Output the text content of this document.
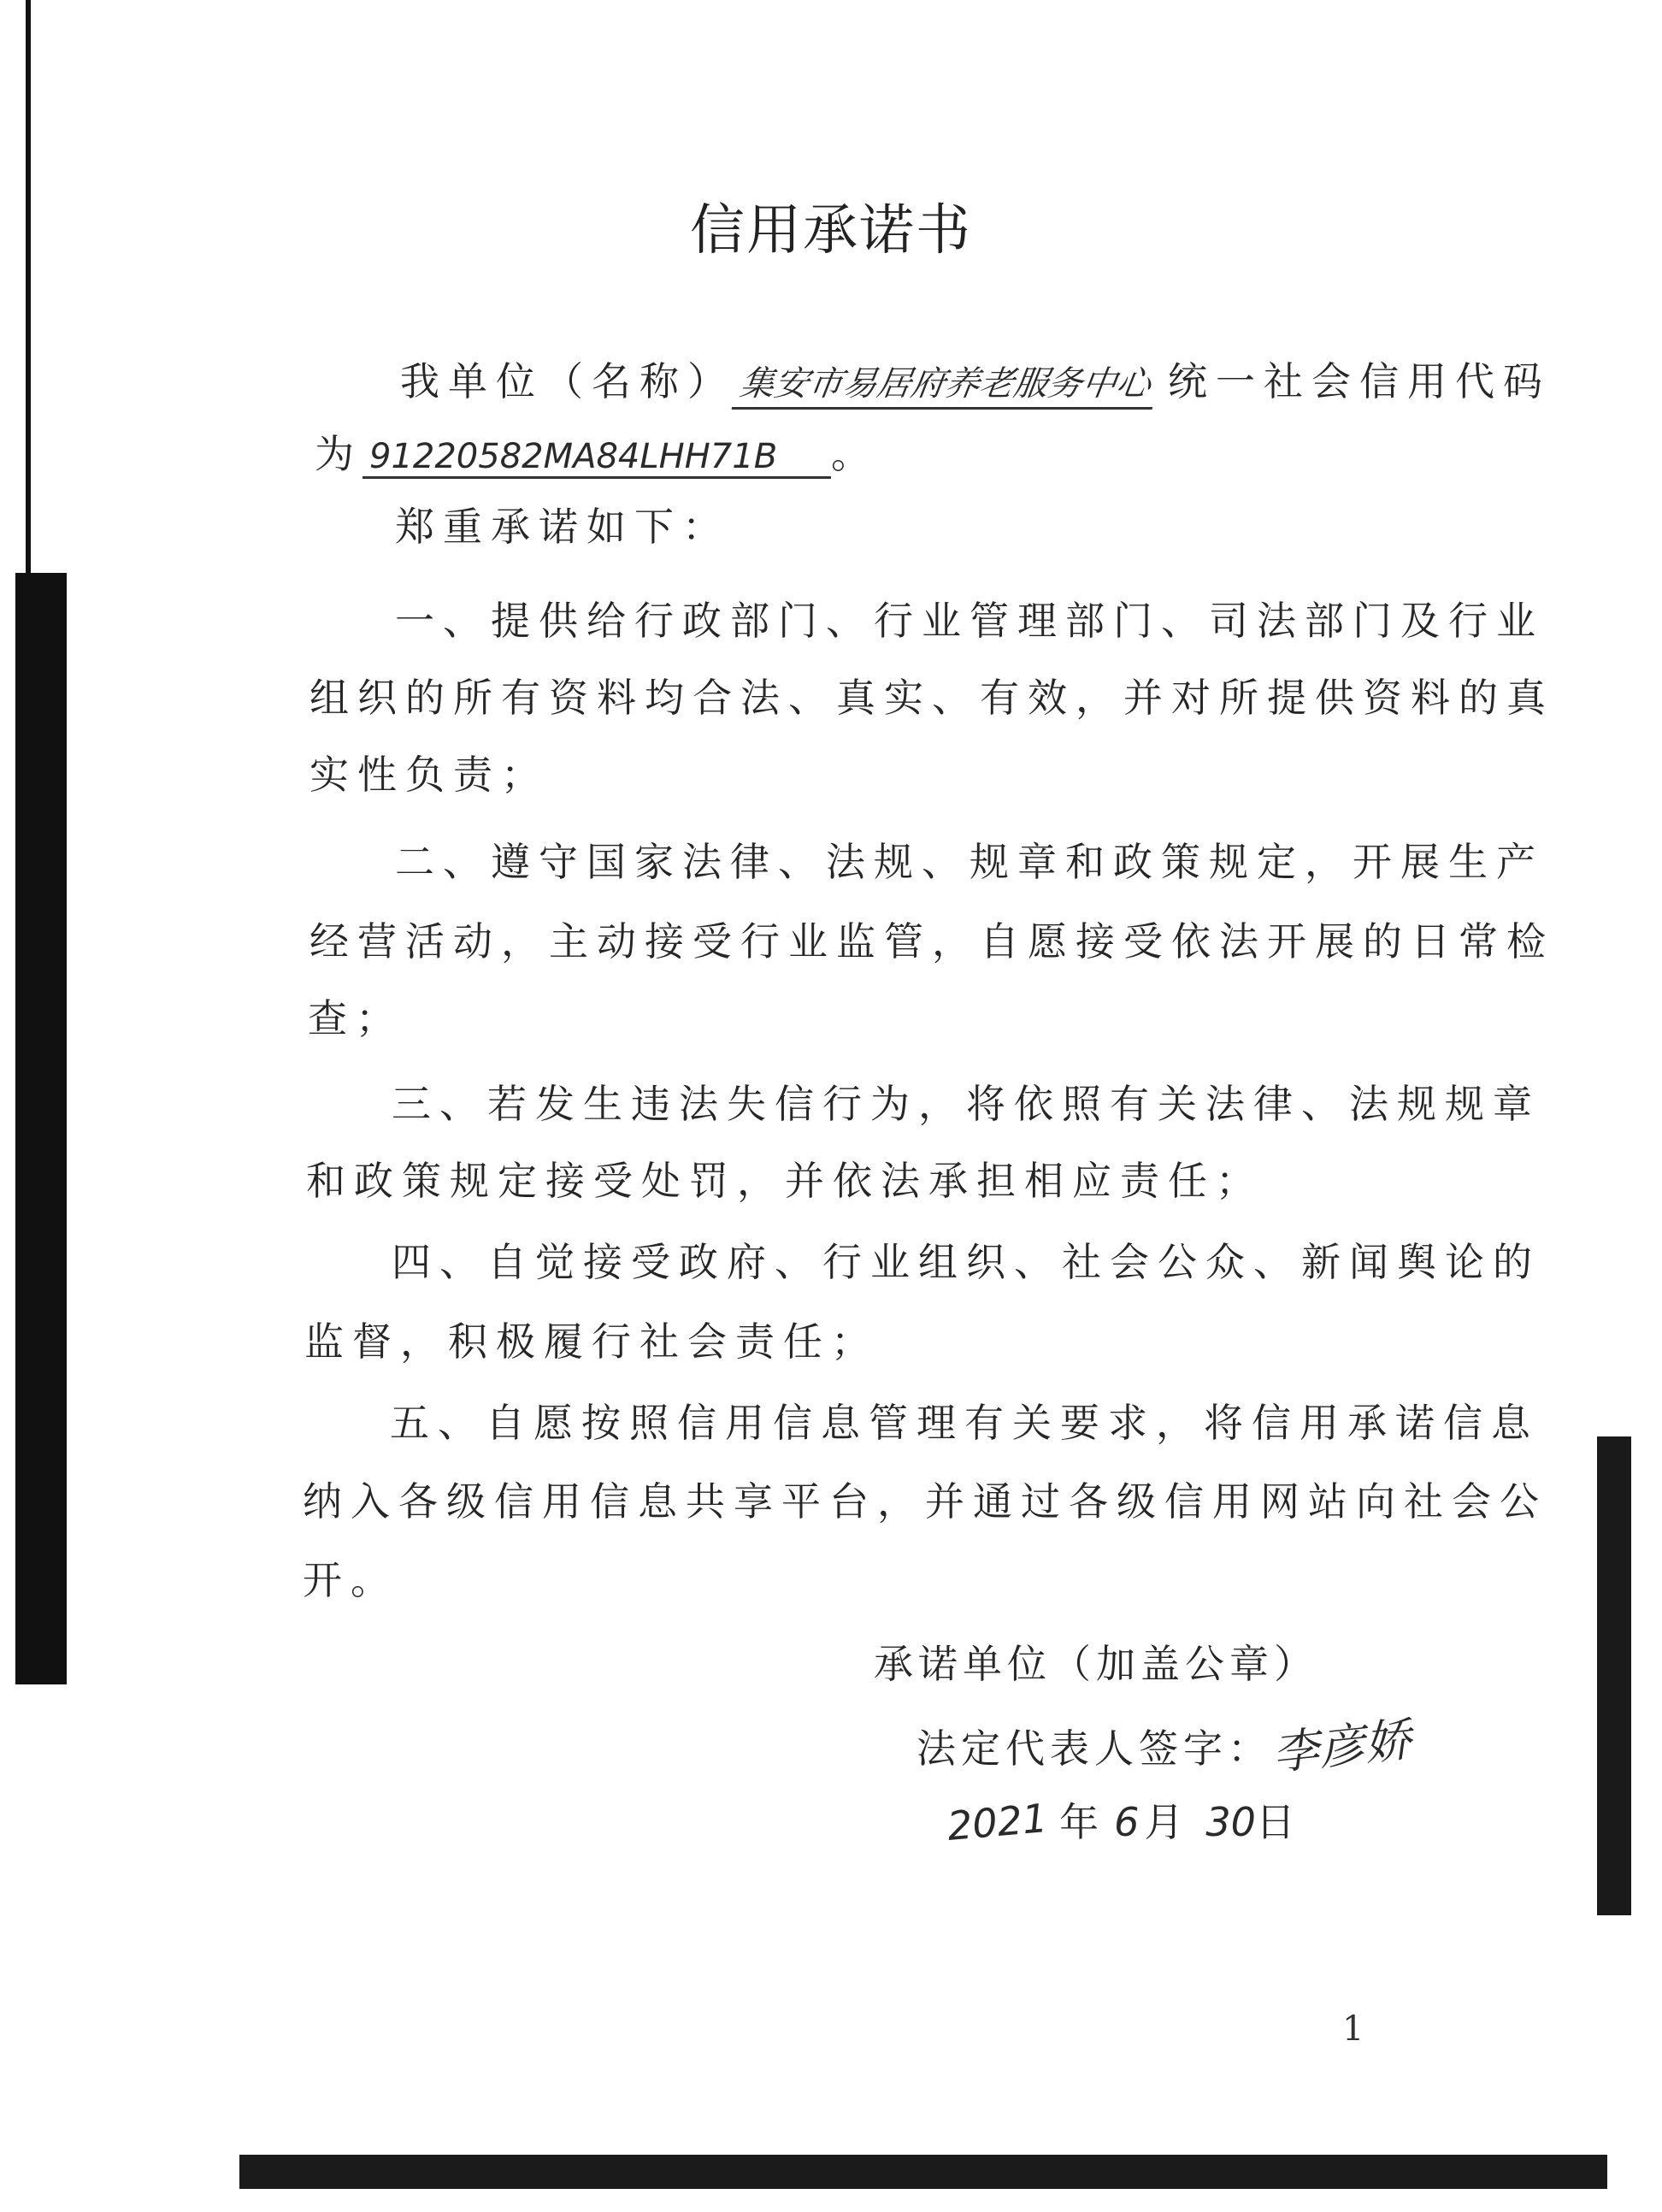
信用承诺书
我单位（名称）集安市易居府养老服务中心 统一社会信用代码
为 91220582MA84LHH71B 。
郑重承诺如下：
一、提供给行政部门、行业管理部门、司法部门及行业
组织的所有资料均合法、真实、有效，并对所提供资料的真
实性负责；
二、遵守国家法律、法规、规章和政策规定，开展生产
经营活动，主动接受行业监管，自愿接受依法开展的日常检
查；
三、若发生违法失信行为，将依照有关法律、法规规章
和政策规定接受处罚，并依法承担相应责任；
四、自觉接受政府、行业组织、社会公众、新闻舆论的
监督，积极履行社会责任；
五、自愿按照信用信息管理有关要求，将信用承诺信息
纳入各级信用信息共享平台，并通过各级信用网站向社会公
开。
承诺单位（加盖公章）
法定代表人签字：李彦娇
2021 年 6 月 30日
1
